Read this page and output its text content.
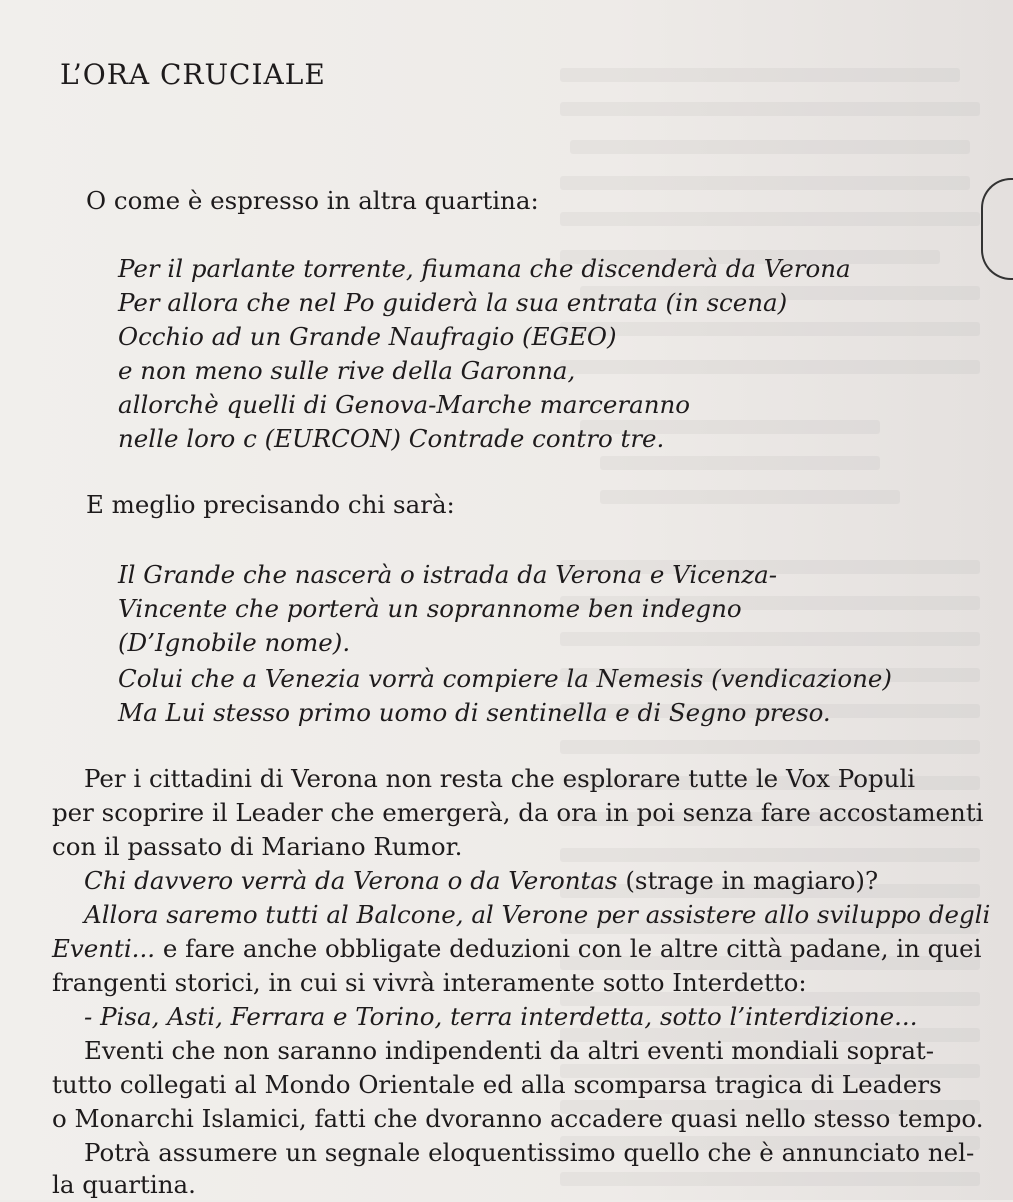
L’ORA CRUCIALE
O come è espresso in altra quartina:
Per il parlante torrente, fiumana che discenderà da Verona
Per allora che nel Po guiderà la sua entrata (in scena)
Occhio ad un Grande Naufragio (EGEO)
e non meno sulle rive della Garonna,
allorchè quelli di Genova-Marche marceranno
nelle loro c (EURCON) Contrade contro tre.
E meglio precisando chi sarà:
Il Grande che nascerà o istrada da Verona e Vicenza-
Vincente che porterà un soprannome ben indegno
(D’Ignobile nome).
Colui che a Venezia vorrà compiere la Nemesis (vendicazione)
Ma Lui stesso primo uomo di sentinella e di Segno preso.
Per i cittadini di Verona non resta che esplorare tutte le Vox Populi
per scoprire il Leader che emergerà, da ora in poi senza fare accostamenti
con il passato di Mariano Rumor.
Chi davvero verrà da Verona o da Verontas (strage in magiaro)?
Allora saremo tutti al Balcone, al Verone per assistere allo sviluppo degli
Eventi... e fare anche obbligate deduzioni con le altre città padane, in quei
frangenti storici, in cui si vivrà interamente sotto Interdetto:
- Pisa, Asti, Ferrara e Torino, terra interdetta, sotto l’interdizione...
Eventi che non saranno indipendenti da altri eventi mondiali soprat-
tutto collegati al Mondo Orientale ed alla scomparsa tragica di Leaders
o Monarchi Islamici, fatti che dvoranno accadere quasi nello stesso tempo.
Potrà assumere un segnale eloquentissimo quello che è annunciato nel-
la quartina.
